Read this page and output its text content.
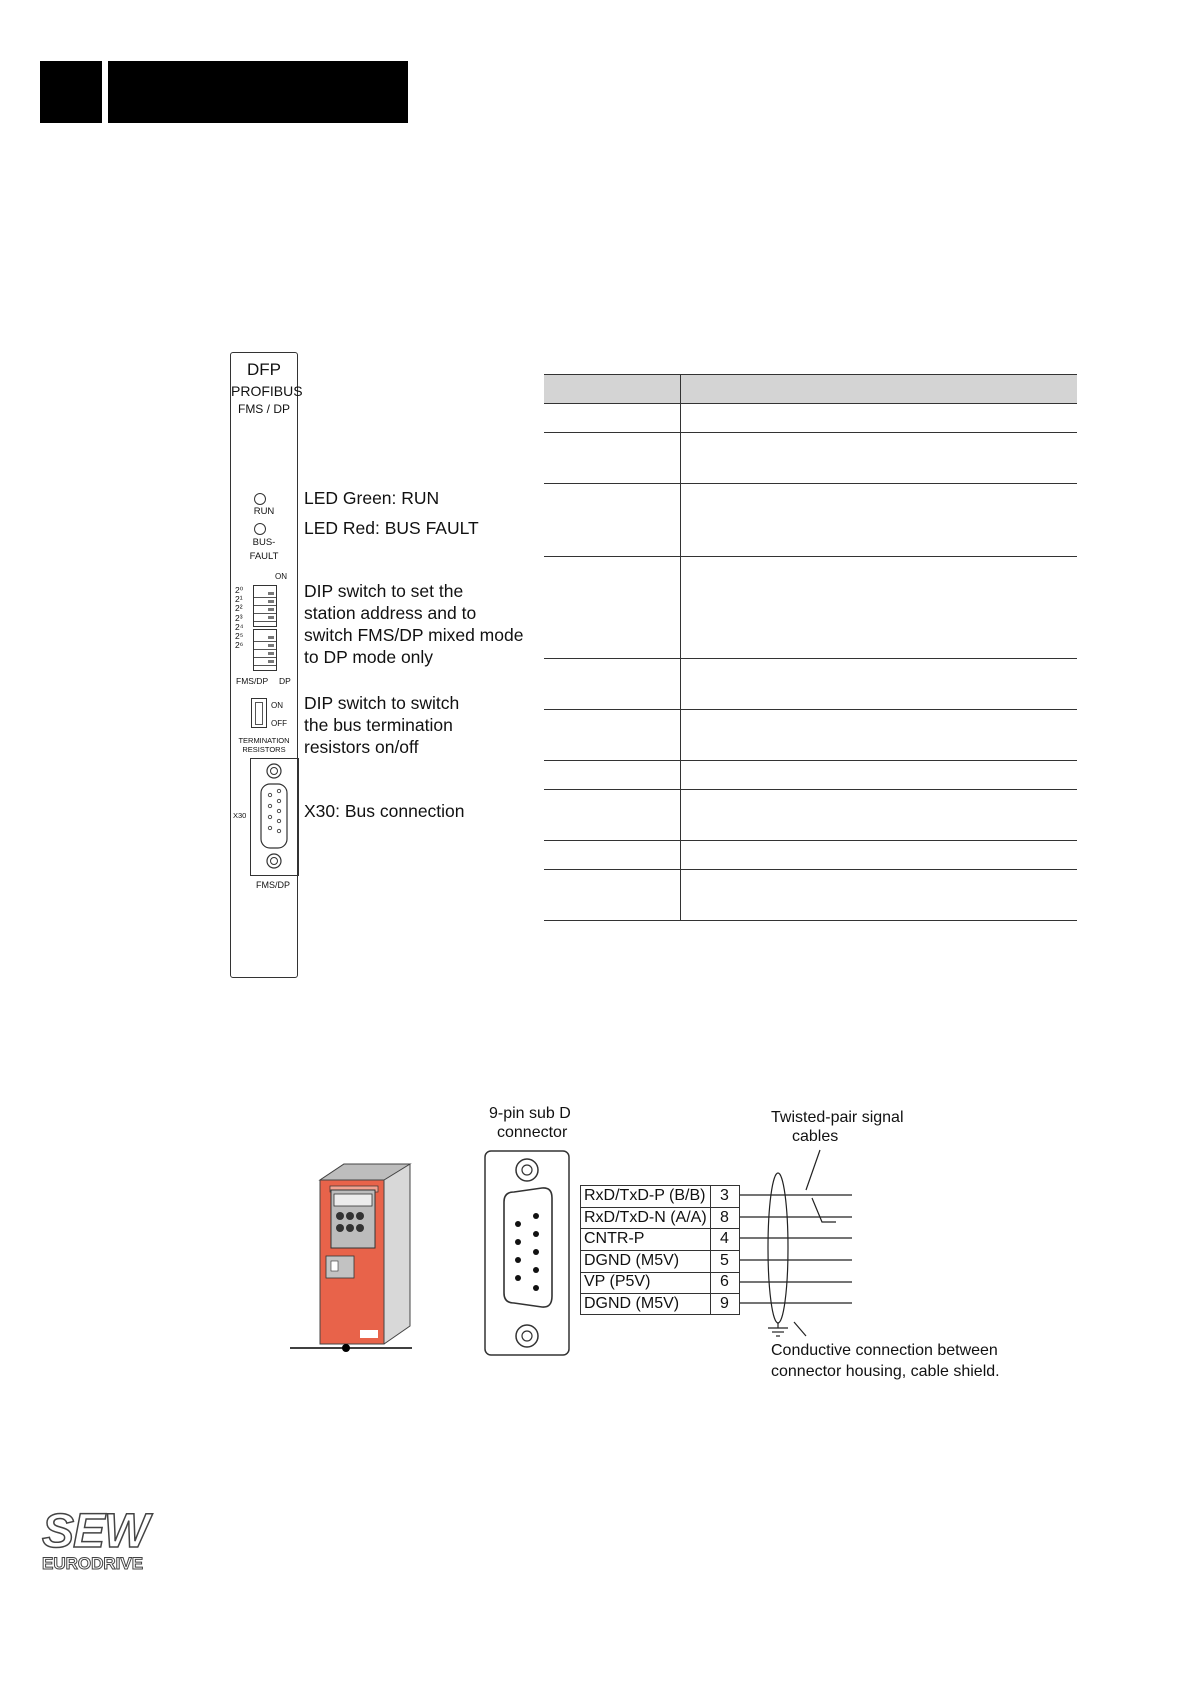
DFP
PROFIBUS
FMS / DP
RUN
BUS-
FAULT
ON
2⁰
2¹
2²
2³
2⁴
2⁵
2⁶
FMS/DP DP
ON
OFF
TERMINATION
RESISTORS
X30
FMS/DP
LED Green: RUN
LED Red: BUS FAULT
DIP switch to set the
station address and to
switch FMS/DP mixed mode
to DP mode only
DIP switch to switch
the bus termination
resistors on/off
X30: Bus connection
9-pin sub D
connector
Twisted-pair signal
cables
RxD/TxD-P (B/B) 3
RxD/TxD-N (A/A) 8
CNTR-P	4
DGND (M5V)	5
VP (P5V)	6
DGND (M5V)	9
Conductive connection between
connector housing, cable shield.
SEW
EURODRIVE
